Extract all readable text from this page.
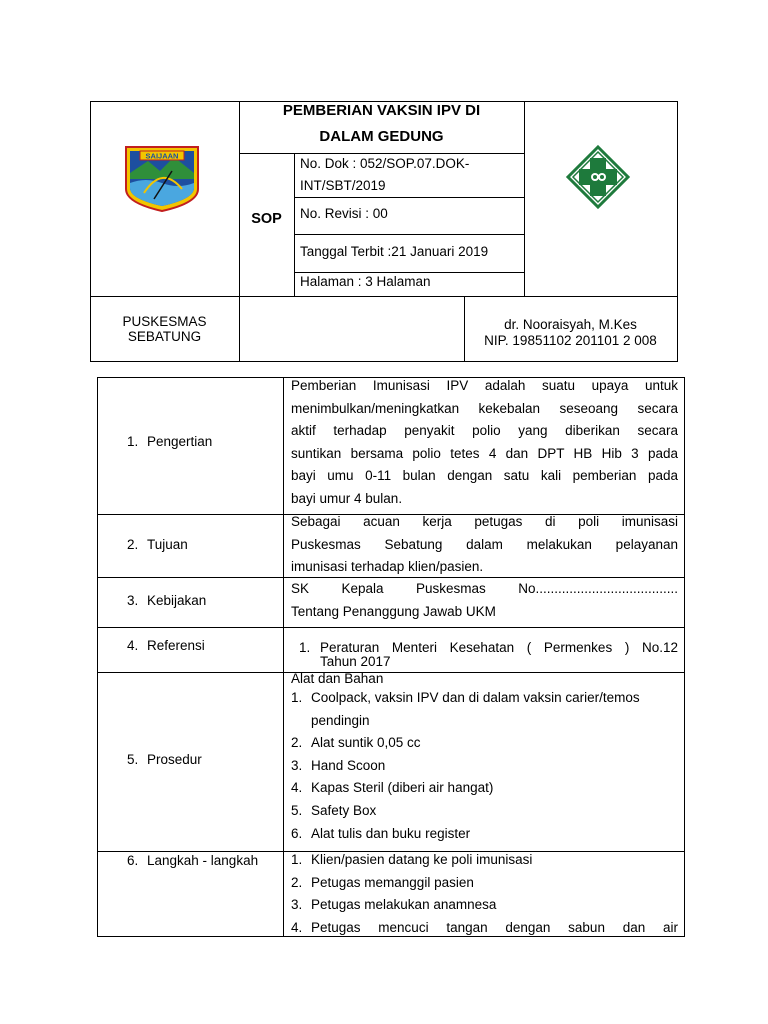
SAIJAAN
PEMBERIAN VAKSIN IPV DI
DALAM GEDUNG
SOP
No. Dok : 052/SOP.07.DOK-
INT/SBT/2019
No. Revisi : 00
Tanggal Terbit :21 Januari 2019
Halaman : 3 Halaman
PUSKESMAS
SEBATUNG
dr. Nooraisyah, M.Kes
NIP. 19851102 201101 2 008
1. Pengertian
Pemberian Imunisasi IPV adalah suatu upaya untuk
menimbulkan/meningkatkan kekebalan seseoang secara
aktif terhadap penyakit polio yang diberikan secara
suntikan bersama polio tetes 4 dan DPT HB Hib 3 pada
bayi umu 0-11 bulan dengan satu kali pemberian pada
bayi umur 4 bulan.
2. Tujuan
Sebagai acuan kerja petugas di poli imunisasi
Puskesmas Sebatung dalam melakukan pelayanan
imunisasi terhadap klien/pasien.
3. Kebijakan
SK Kepala Puskesmas No......................................
Tentang Penanggung Jawab UKM
4. Referensi	1. Peraturan Menteri Kesehatan ( Permenkes ) No.12
Tahun 2017
5. Prosedur
Alat dan Bahan
1. Coolpack, vaksin IPV dan di dalam vaksin carier/temos
pendingin
2. Alat suntik 0,05 cc
3. Hand Scoon
4. Kapas Steril (diberi air hangat)
5. Safety Box
6. Alat tulis dan buku register
6. Langkah - langkah 1. Klien/pasien datang ke poli imunisasi
2. Petugas memanggil pasien
3. Petugas melakukan anamnesa
4. Petugas mencuci tangan dengan sabun dan air
